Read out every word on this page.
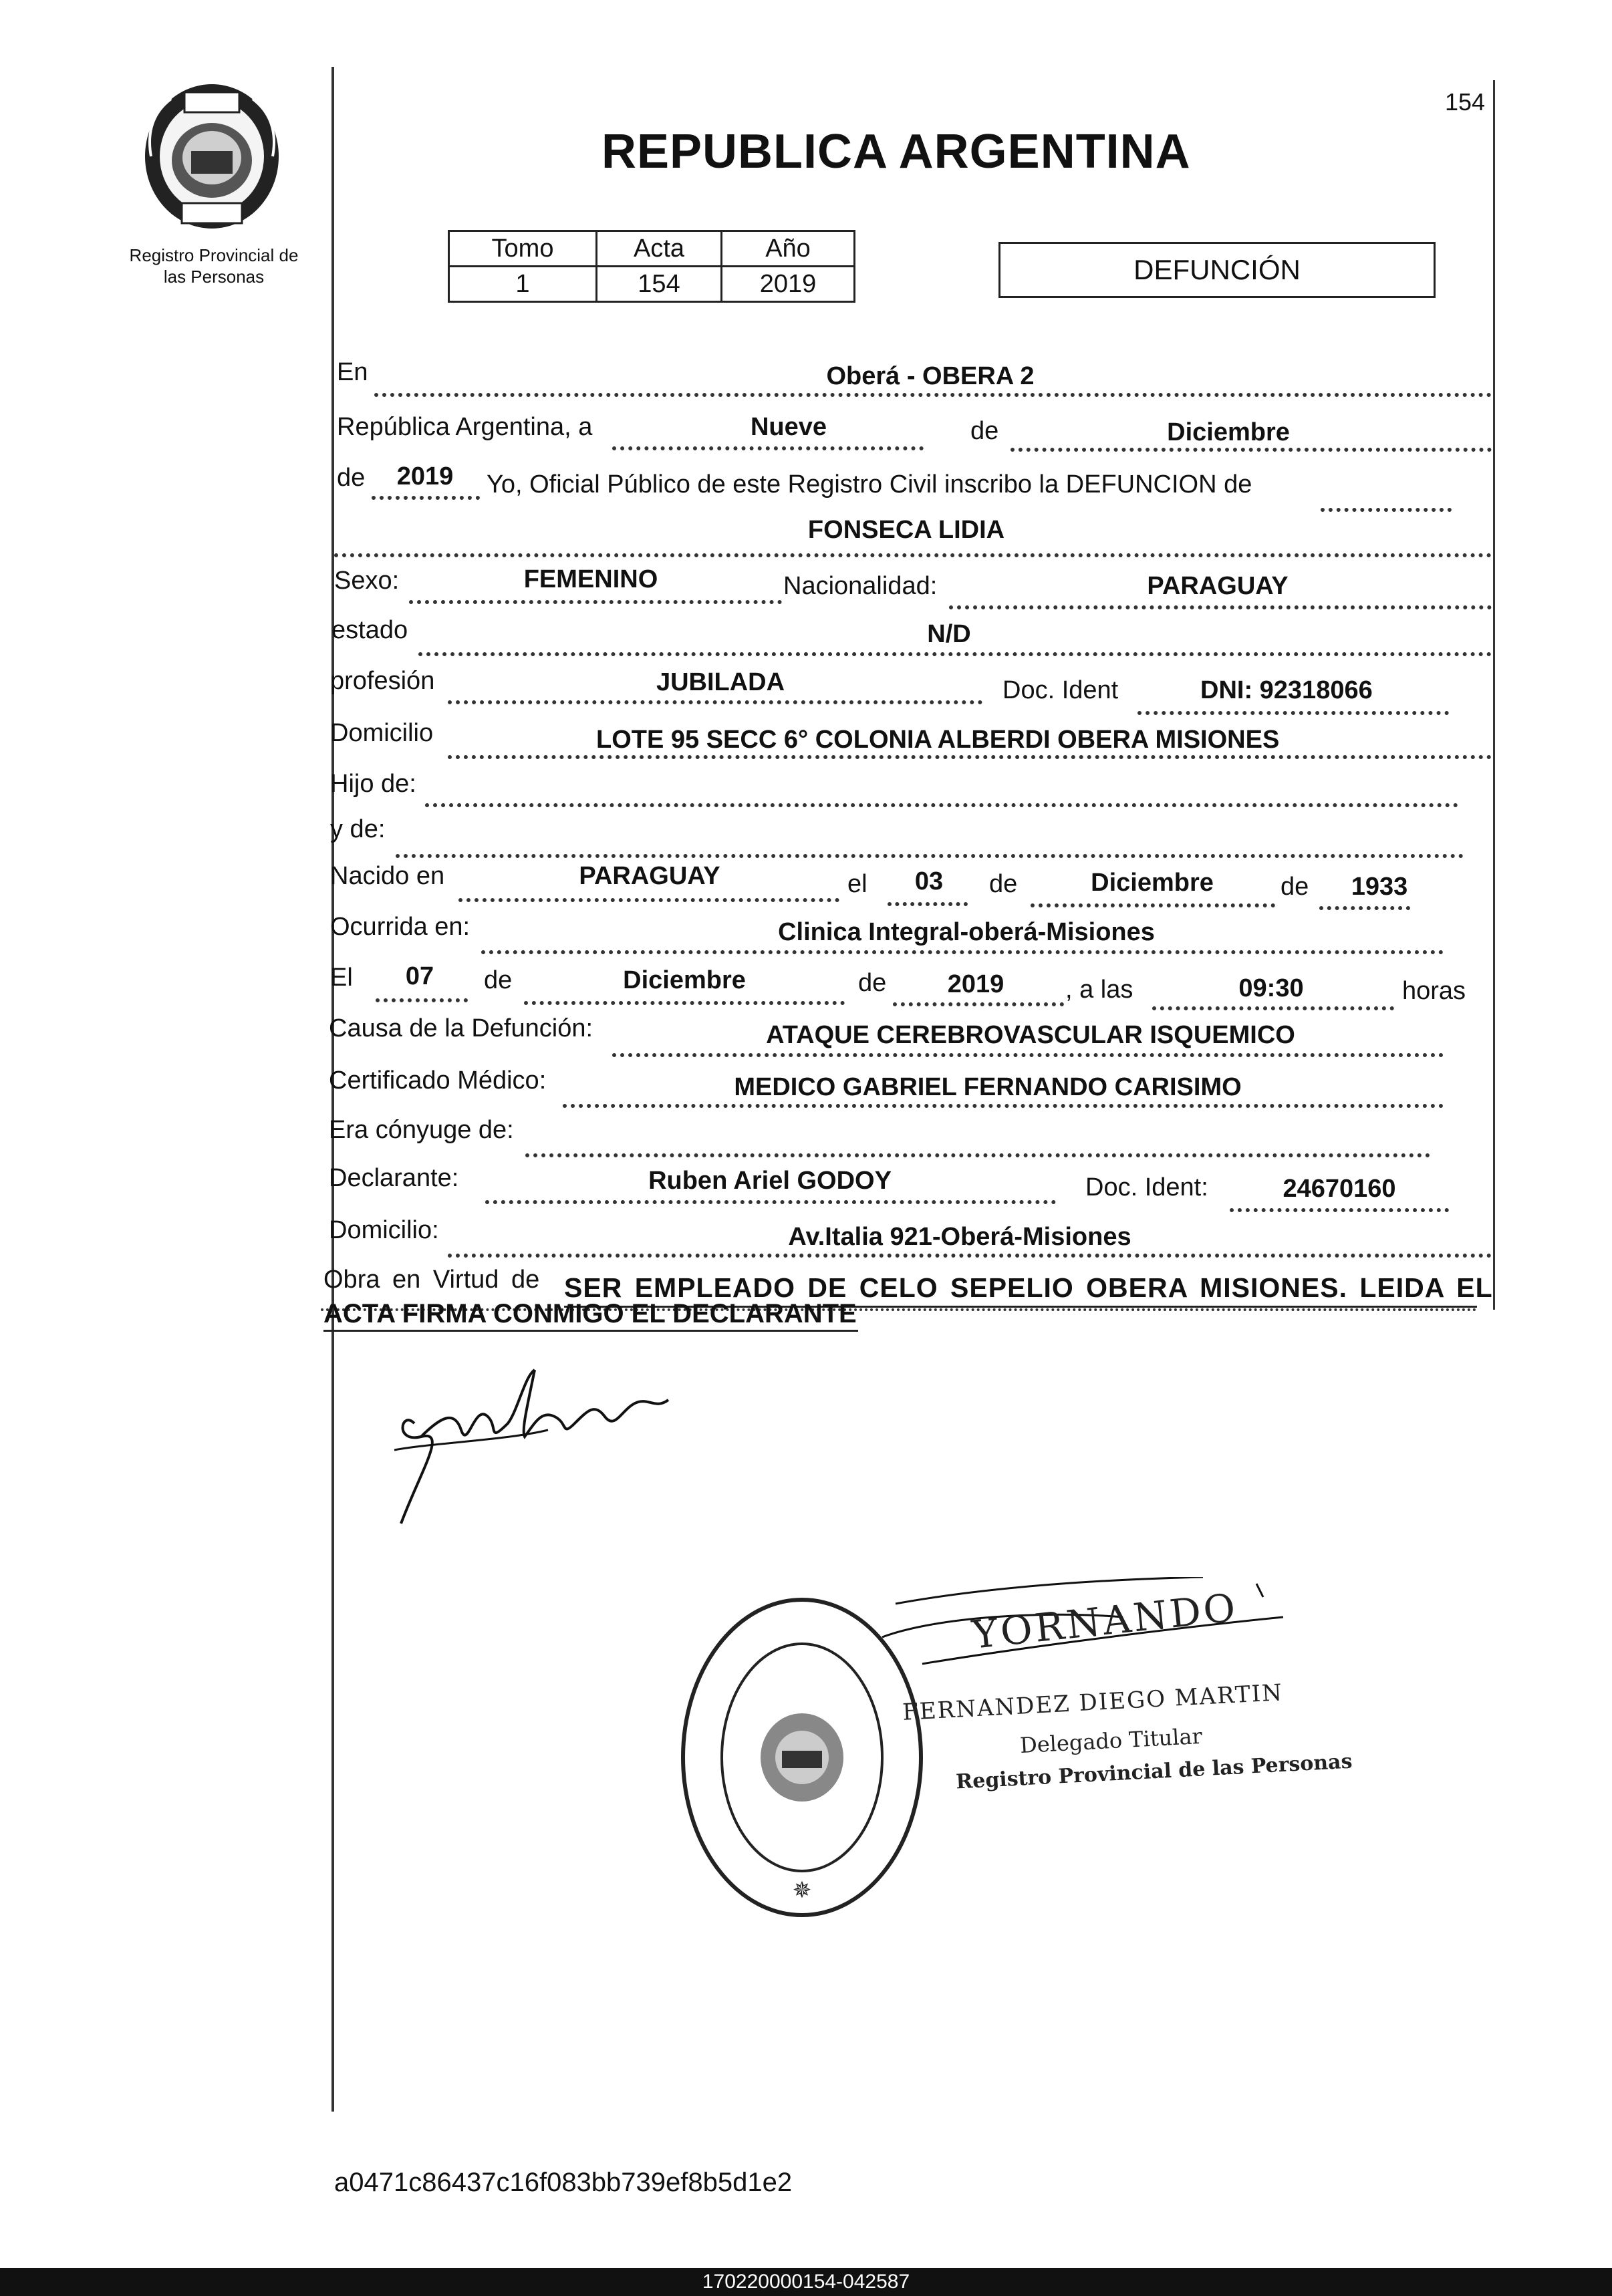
154
Registro Provincial de
las Personas
REPUBLICA ARGENTINA
Tomo	Acta	Año
1	154	2019	DEFUNCIÓN
En	Oberá - OBERA 2
República Argentina, a	Nueve	de	Diciembre
de 2019 Yo, Oficial Público de este Registro Civil inscribo la DEFUNCION de
FONSECA LIDIA
Sexo:	FEMENINO	Nacionalidad:	PARAGUAY
estado	N/D
profesión	JUBILADA	Doc. Ident	DNI: 92318066
Domicilio	LOTE 95 SECC 6° COLONIA ALBERDI OBERA MISIONES
Hijo de:
y de:
Nacido en	PARAGUAY	el 03 de	Diciembre	de 1933
Ocurrida en:	Clinica Integral-oberá-Misiones
El 07 de	Diciembre	de 2019 , a las	09:30	horas
Causa de la Defunción:	ATAQUE CEREBROVASCULAR ISQUEMICO
Certificado Médico:	MEDICO GABRIEL FERNANDO CARISIMO
Era cónyuge de:
Declarante:	Ruben Ariel GODOY	Doc. Ident:	24670160
Domicilio:	Av.Italia 921-Oberá-Misiones
Obra en Virtud de SER EMPLEADO DE CELO SEPELIO OBERA MISIONES. LEIDA EL
ACTA FIRMA CONMIGO EL DECLARANTE
✵
YORNANDO
FERNANDEZ DIEGO MARTIN
Delegado Titular
Registro Provincial de las Personas
a0471c86437c16f083bb739ef8b5d1e2
170220000154-042587
